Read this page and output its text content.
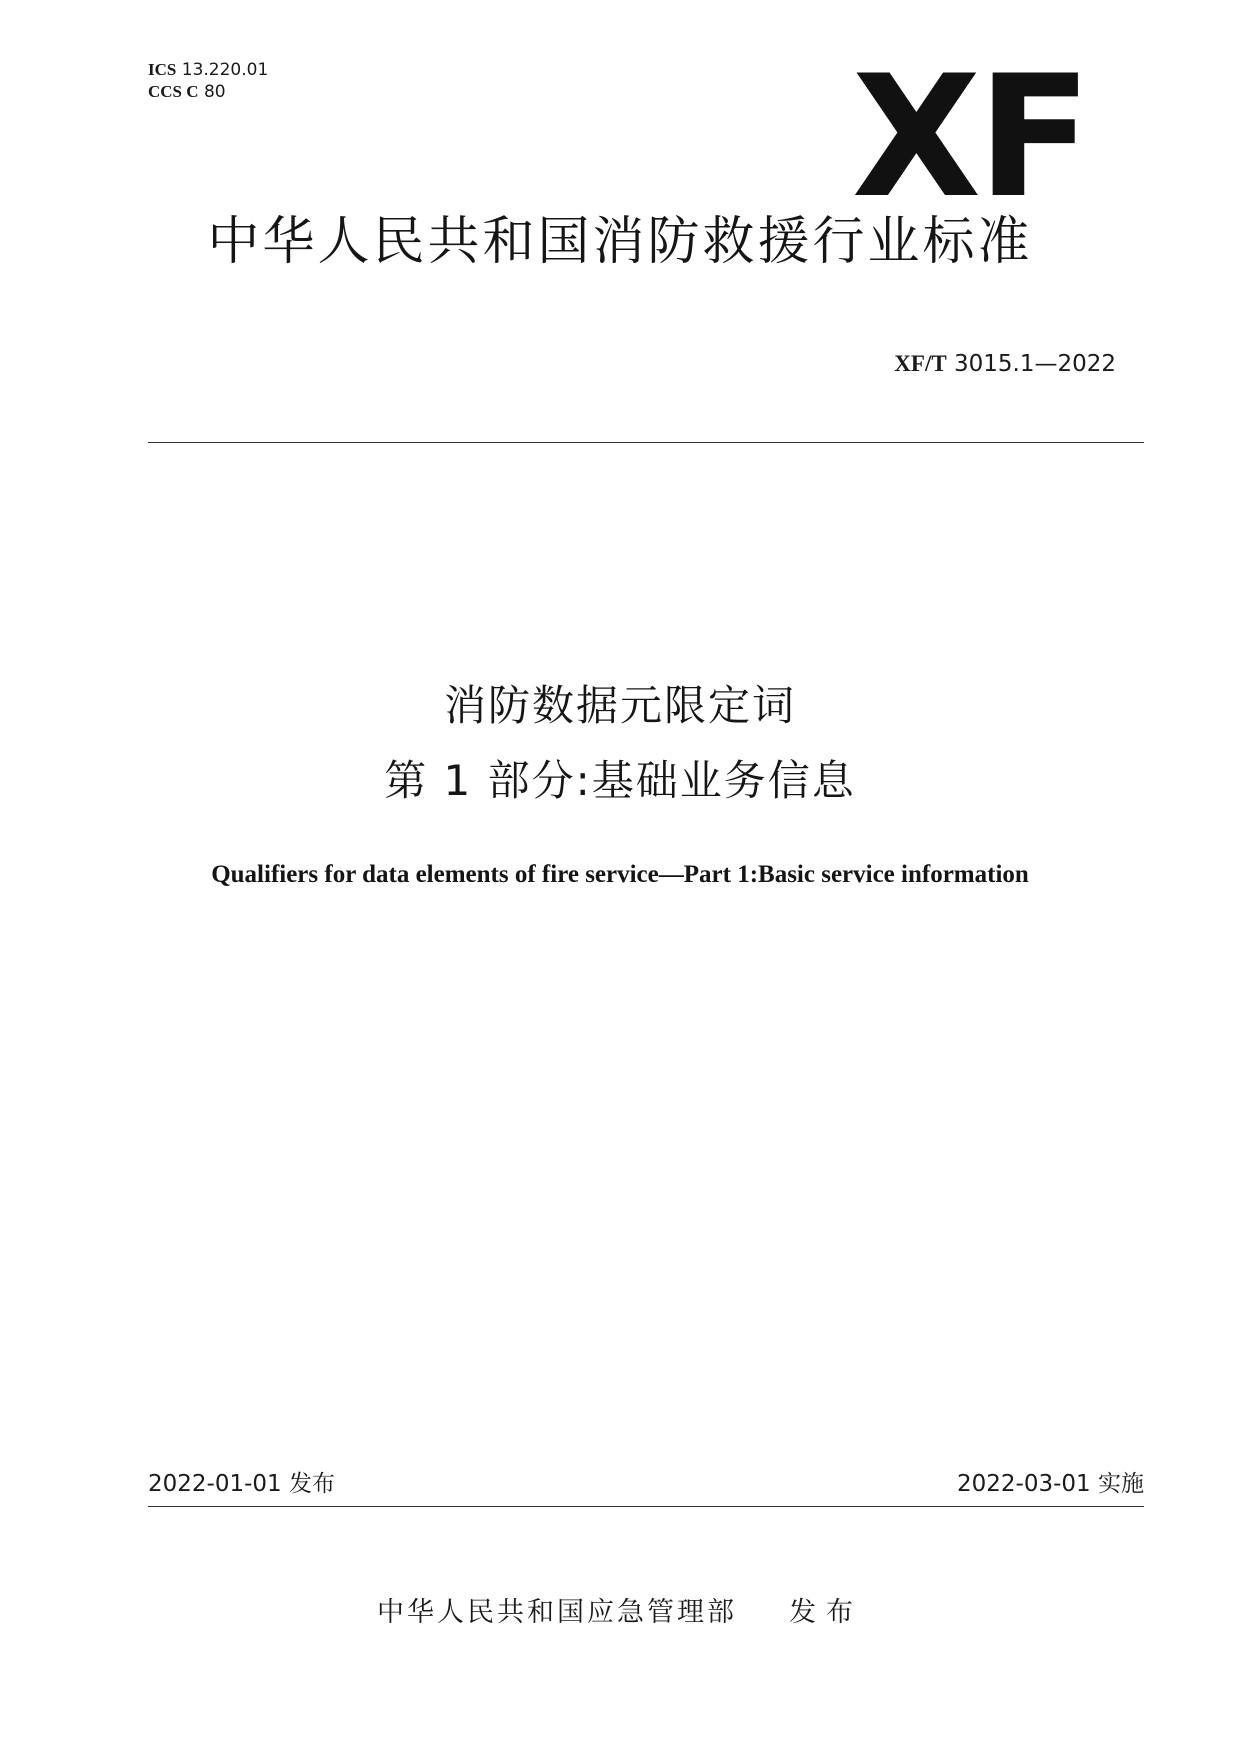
ICS 13.220.01
CCS C 80	XF
中华人民共和国消防救援行业标准
XF/T 3015.1—2022
消防数据元限定词
第 1 部分:基础业务信息
Qualifiers for data elements of fire service—Part 1:Basic service information
2022-01-01 发布	2022-03-01 实施
中华人民共和国应急管理部 发布
